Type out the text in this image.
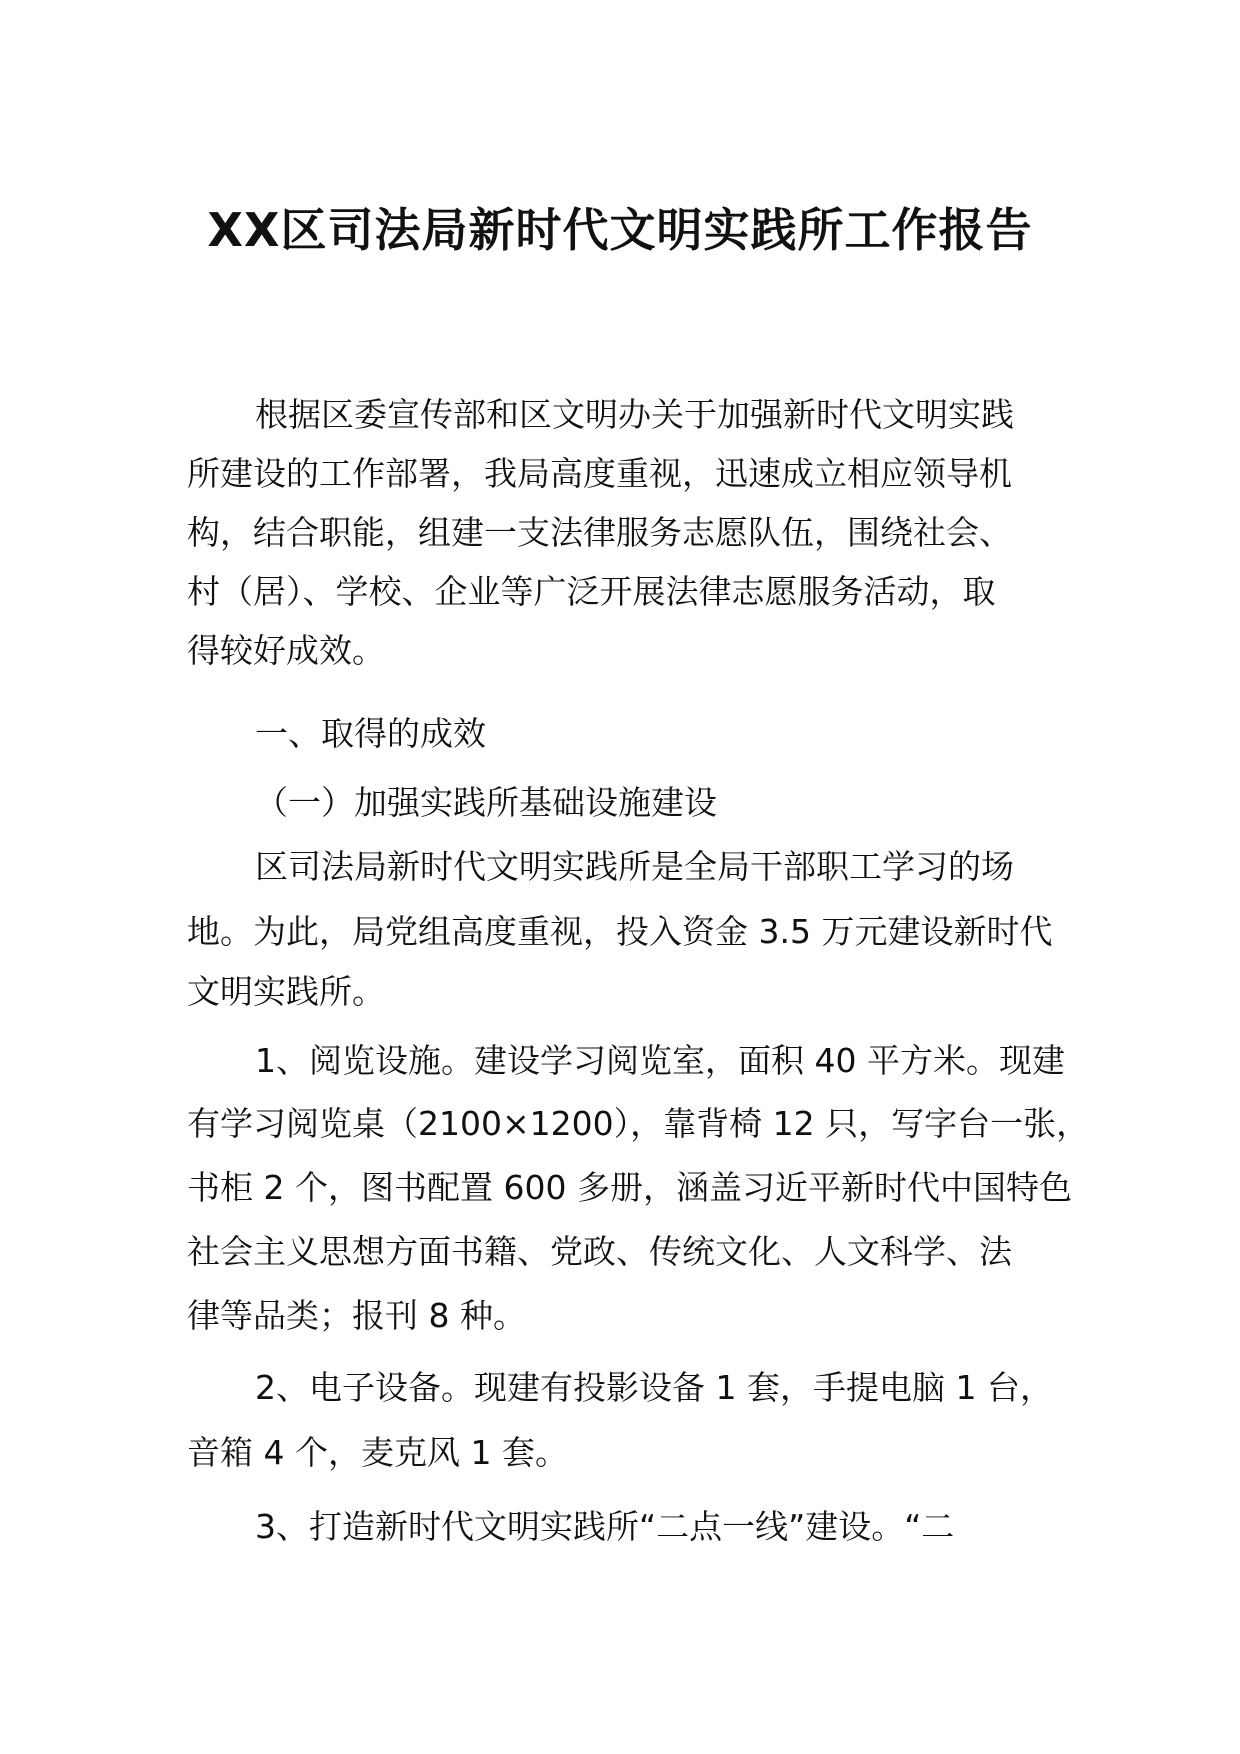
XX区司法局新时代文明实践所工作报告
根据区委宣传部和区文明办关于加强新时代文明实践
所建设的工作部署，我局高度重视，迅速成立相应领导机
构，结合职能，组建一支法律服务志愿队伍，围绕社会、
村（居）、学校、企业等广泛开展法律志愿服务活动，取
得较好成效。
一、取得的成效
（一）加强实践所基础设施建设
区司法局新时代文明实践所是全局干部职工学习的场
地。为此，局党组高度重视，投入资金 3.5 万元建设新时代
文明实践所。
1、阅览设施。建设学习阅览室，面积 40 平方米。现建
有学习阅览桌（2100×1200），靠背椅 12 只，写字台一张，
书柜 2 个，图书配置 600 多册，涵盖习近平新时代中国特色
社会主义思想方面书籍、党政、传统文化、人文科学、法
律等品类；报刊 8 种。
2、电子设备。现建有投影设备 1 套，手提电脑 1 台，
音箱 4 个，麦克风 1 套。
3、打造新时代文明实践所“二点一线”建设。“二
